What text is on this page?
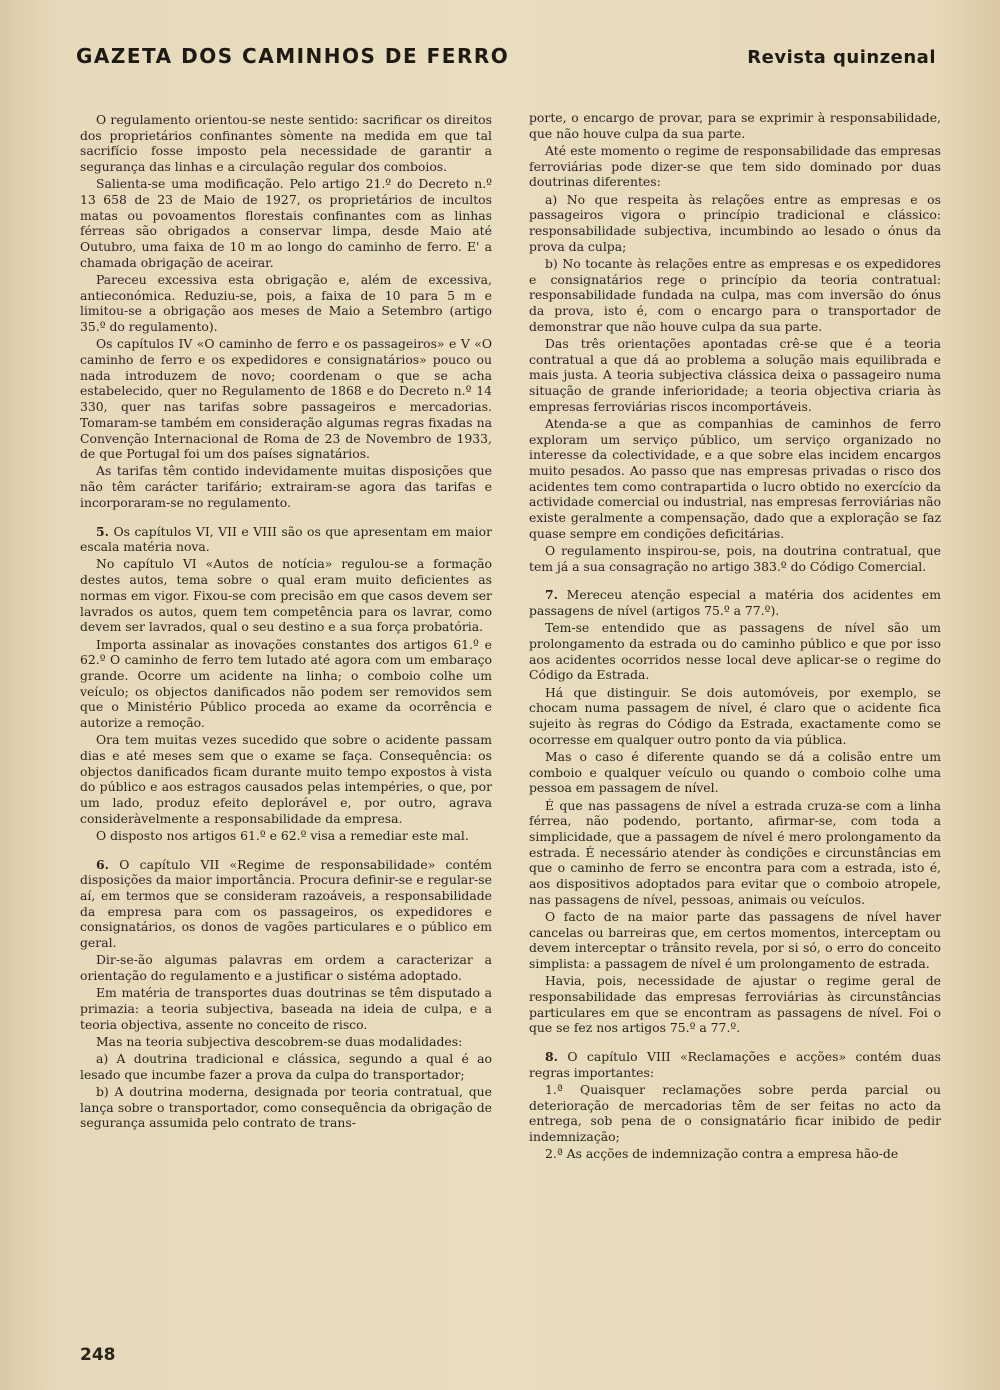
GAZETA DOS CAMINHOS DE FERRO	Revista quinzenal

O regulamento orientou-se neste sentido: sacrificar os direitos dos proprietários confinantes sòmente na medida em que tal sacrifício fosse imposto pela necessidade de garantir a segurança das linhas e a circulação regular dos comboios.

Salienta-se uma modificação. Pelo artigo 21.º do Decreto n.º 13 658 de 23 de Maio de 1927, os proprietários de incultos matas ou povoamentos florestais confinantes com as linhas férreas são obrigados a conservar limpa, desde Maio até Outubro, uma faixa de 10 m ao longo do caminho de ferro. E' a chamada obrigação de aceirar.

Pareceu excessiva esta obrigação e, além de excessiva, antieconómica. Reduziu-se, pois, a faixa de 10 para 5 m e limitou-se a obrigação aos meses de Maio a Setembro (artigo 35.º do regulamento).

Os capítulos IV «O caminho de ferro e os passageiros» e V «O caminho de ferro e os expedidores e consignatários» pouco ou nada introduzem de novo; coordenam o que se acha estabelecido, quer no Regulamento de 1868 e do Decreto n.º 14 330, quer nas tarifas sobre passageiros e mercadorias. Tomaram-se também em consideração algumas regras fixadas na Convenção Internacional de Roma de 23 de Novembro de 1933, de que Portugal foi um dos países signatários.

As tarifas têm contido indevidamente muitas disposições que não têm carácter tarifário; extrairam-se agora das tarifas e incorporaram-se no regulamento.

5. Os capítulos VI, VII e VIII são os que apresentam em maior escala matéria nova.

No capítulo VI «Autos de notícia» regulou-se a formação destes autos, tema sobre o qual eram muito deficientes as normas em vigor. Fixou-se com precisão em que casos devem ser lavrados os autos, quem tem competência para os lavrar, como devem ser lavrados, qual o seu destino e a sua força probatória.

Importa assinalar as inovações constantes dos artigos 61.º e 62.º O caminho de ferro tem lutado até agora com um embaraço grande. Ocorre um acidente na linha; o comboio colhe um veículo; os objectos danificados não podem ser removidos sem que o Ministério Público proceda ao exame da ocorrência e autorize a remoção.

Ora tem muitas vezes sucedido que sobre o acidente passam dias e até meses sem que o exame se faça. Consequência: os objectos danificados ficam durante muito tempo expostos à vista do público e aos estragos causados pelas intempéries, o que, por um lado, produz efeito deplorável e, por outro, agrava consideràvelmente a responsabilidade da empresa.

O disposto nos artigos 61.º e 62.º visa a remediar este mal.

6. O capítulo VII «Regime de responsabilidade» contém disposições da maior importância. Procura definir-se e regular-se aí, em termos que se consideram razoáveis, a responsabilidade da empresa para com os passageiros, os expedidores e consignatários, os donos de vagões particulares e o público em geral.

Dir-se-ão algumas palavras em ordem a caracterizar a orientação do regulamento e a justificar o sistéma adoptado.

Em matéria de transportes duas doutrinas se têm disputado a primazia: a teoria subjectiva, baseada na ideia de culpa, e a teoria objectiva, assente no conceito de risco.

Mas na teoria subjectiva descobrem-se duas modalidades:

a) A doutrina tradicional e clássica, segundo a qual é ao lesado que incumbe fazer a prova da culpa do transportador;

b) A doutrina moderna, designada por teoria contratual, que lança sobre o transportador, como consequência da obrigação de segurança assumida pelo contrato de trans-

porte, o encargo de provar, para se exprimir à responsabilidade, que não houve culpa da sua parte.

Até este momento o regime de responsabilidade das empresas ferroviárias pode dizer-se que tem sido dominado por duas doutrinas diferentes:

a) No que respeita às relações entre as empresas e os passageiros vigora o princípio tradicional e clássico: responsabilidade subjectiva, incumbindo ao lesado o ónus da prova da culpa;

b) No tocante às relações entre as empresas e os expedidores e consignatários rege o princípio da teoria contratual: responsabilidade fundada na culpa, mas com inversão do ónus da prova, isto é, com o encargo para o transportador de demonstrar que não houve culpa da sua parte.

Das três orientações apontadas crê-se que é a teoria contratual a que dá ao problema a solução mais equilibrada e mais justa. A teoria subjectiva clássica deixa o passageiro numa situação de grande inferioridade; a teoria objectiva criaria às empresas ferroviárias riscos incomportáveis.

Atenda-se a que as companhias de caminhos de ferro exploram um serviço público, um serviço organizado no interesse da colectividade, e a que sobre elas incidem encargos muito pesados. Ao passo que nas empresas privadas o risco dos acidentes tem como contrapartida o lucro obtido no exercício da actividade comercial ou industrial, nas empresas ferroviárias não existe geralmente a compensação, dado que a exploração se faz quase sempre em condições deficitárias.

O regulamento inspirou-se, pois, na doutrina contratual, que tem já a sua consagração no artigo 383.º do Código Comercial.

7. Mereceu atenção especial a matéria dos acidentes em passagens de nível (artigos 75.º a 77.º).

Tem-se entendido que as passagens de nível são um prolongamento da estrada ou do caminho público e que por isso aos acidentes ocorridos nesse local deve aplicar-se o regime do Código da Estrada.

Há que distinguir. Se dois automóveis, por exemplo, se chocam numa passagem de nível, é claro que o acidente fica sujeito às regras do Código da Estrada, exactamente como se ocorresse em qualquer outro ponto da via pública.

Mas o caso é diferente quando se dá a colisão entre um comboio e qualquer veículo ou quando o comboio colhe uma pessoa em passagem de nível.

É que nas passagens de nível a estrada cruza-se com a linha férrea, não podendo, portanto, afirmar-se, com toda a simplicidade, que a passagem de nível é mero prolongamento da estrada. É necessário atender às condições e circunstâncias em que o caminho de ferro se encontra para com a estrada, isto é, aos dispositivos adoptados para evitar que o comboio atropele, nas passagens de nível, pessoas, animais ou veículos.

O facto de na maior parte das passagens de nível haver cancelas ou barreiras que, em certos momentos, interceptam ou devem interceptar o trânsito revela, por si só, o erro do conceito simplista: a passagem de nível é um prolongamento de estrada.

Havia, pois, necessidade de ajustar o regime geral de responsabilidade das empresas ferroviárias às circunstâncias particulares em que se encontram as passagens de nível. Foi o que se fez nos artigos 75.º a 77.º.

8. O capítulo VIII «Reclamações e acções» contém duas regras importantes:

1.ª Quaisquer reclamações sobre perda parcial ou deterioração de mercadorias têm de ser feitas no acto da entrega, sob pena de o consignatário ficar inibido de pedir indemnização;

2.ª As acções de indemnização contra a empresa hão-de

248
